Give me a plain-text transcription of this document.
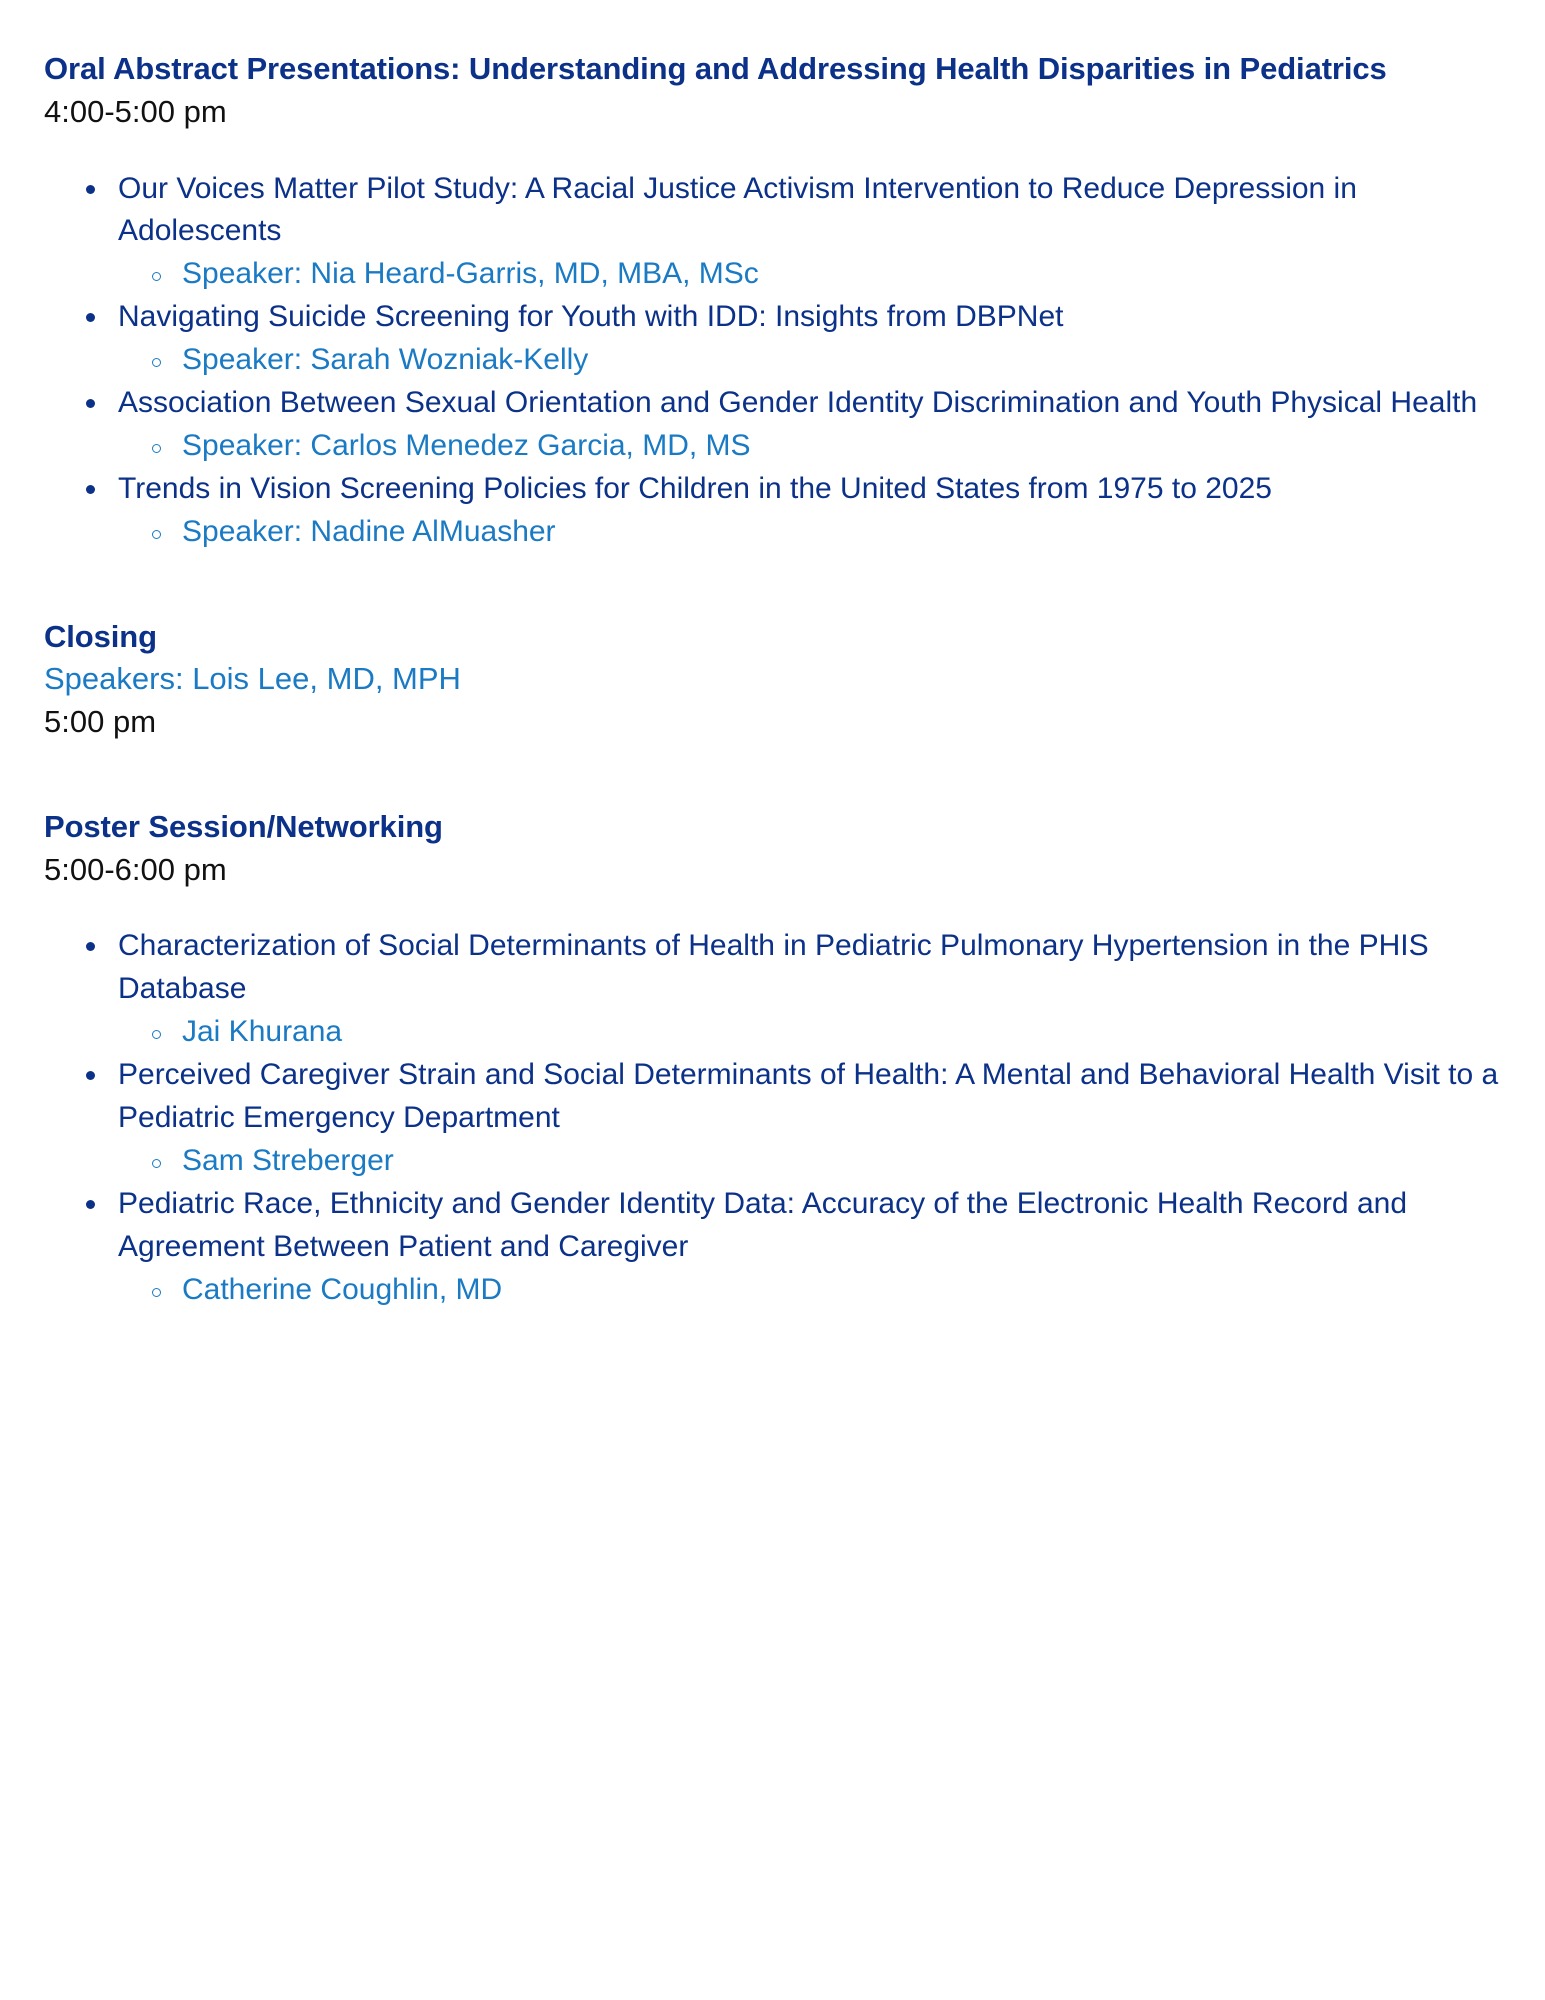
Oral Abstract Presentations: Understanding and Addressing Health Disparities in Pediatrics

4:00-5:00 pm

Our Voices Matter Pilot Study: A Racial Justice Activism Intervention to Reduce Depression in Adolescents

Speaker: Nia Heard-Garris, MD, MBA, MSc

Navigating Suicide Screening for Youth with IDD: Insights from DBPNet

Speaker: Sarah Wozniak-Kelly

Association Between Sexual Orientation and Gender Identity Discrimination and Youth Physical Health

Speaker: Carlos Menedez Garcia, MD, MS

Trends in Vision Screening Policies for Children in the United States from 1975 to 2025

Speaker: Nadine AlMuasher

Closing

Speakers: Lois Lee, MD, MPH

5:00 pm

Poster Session/Networking

5:00-6:00 pm

Characterization of Social Determinants of Health in Pediatric Pulmonary Hypertension in the PHIS Database

Jai Khurana

Perceived Caregiver Strain and Social Determinants of Health: A Mental and Behavioral Health Visit to a Pediatric Emergency Department

Sam Streberger

Pediatric Race, Ethnicity and Gender Identity Data: Accuracy of the Electronic Health Record and Agreement Between Patient and Caregiver

Catherine Coughlin, MD
